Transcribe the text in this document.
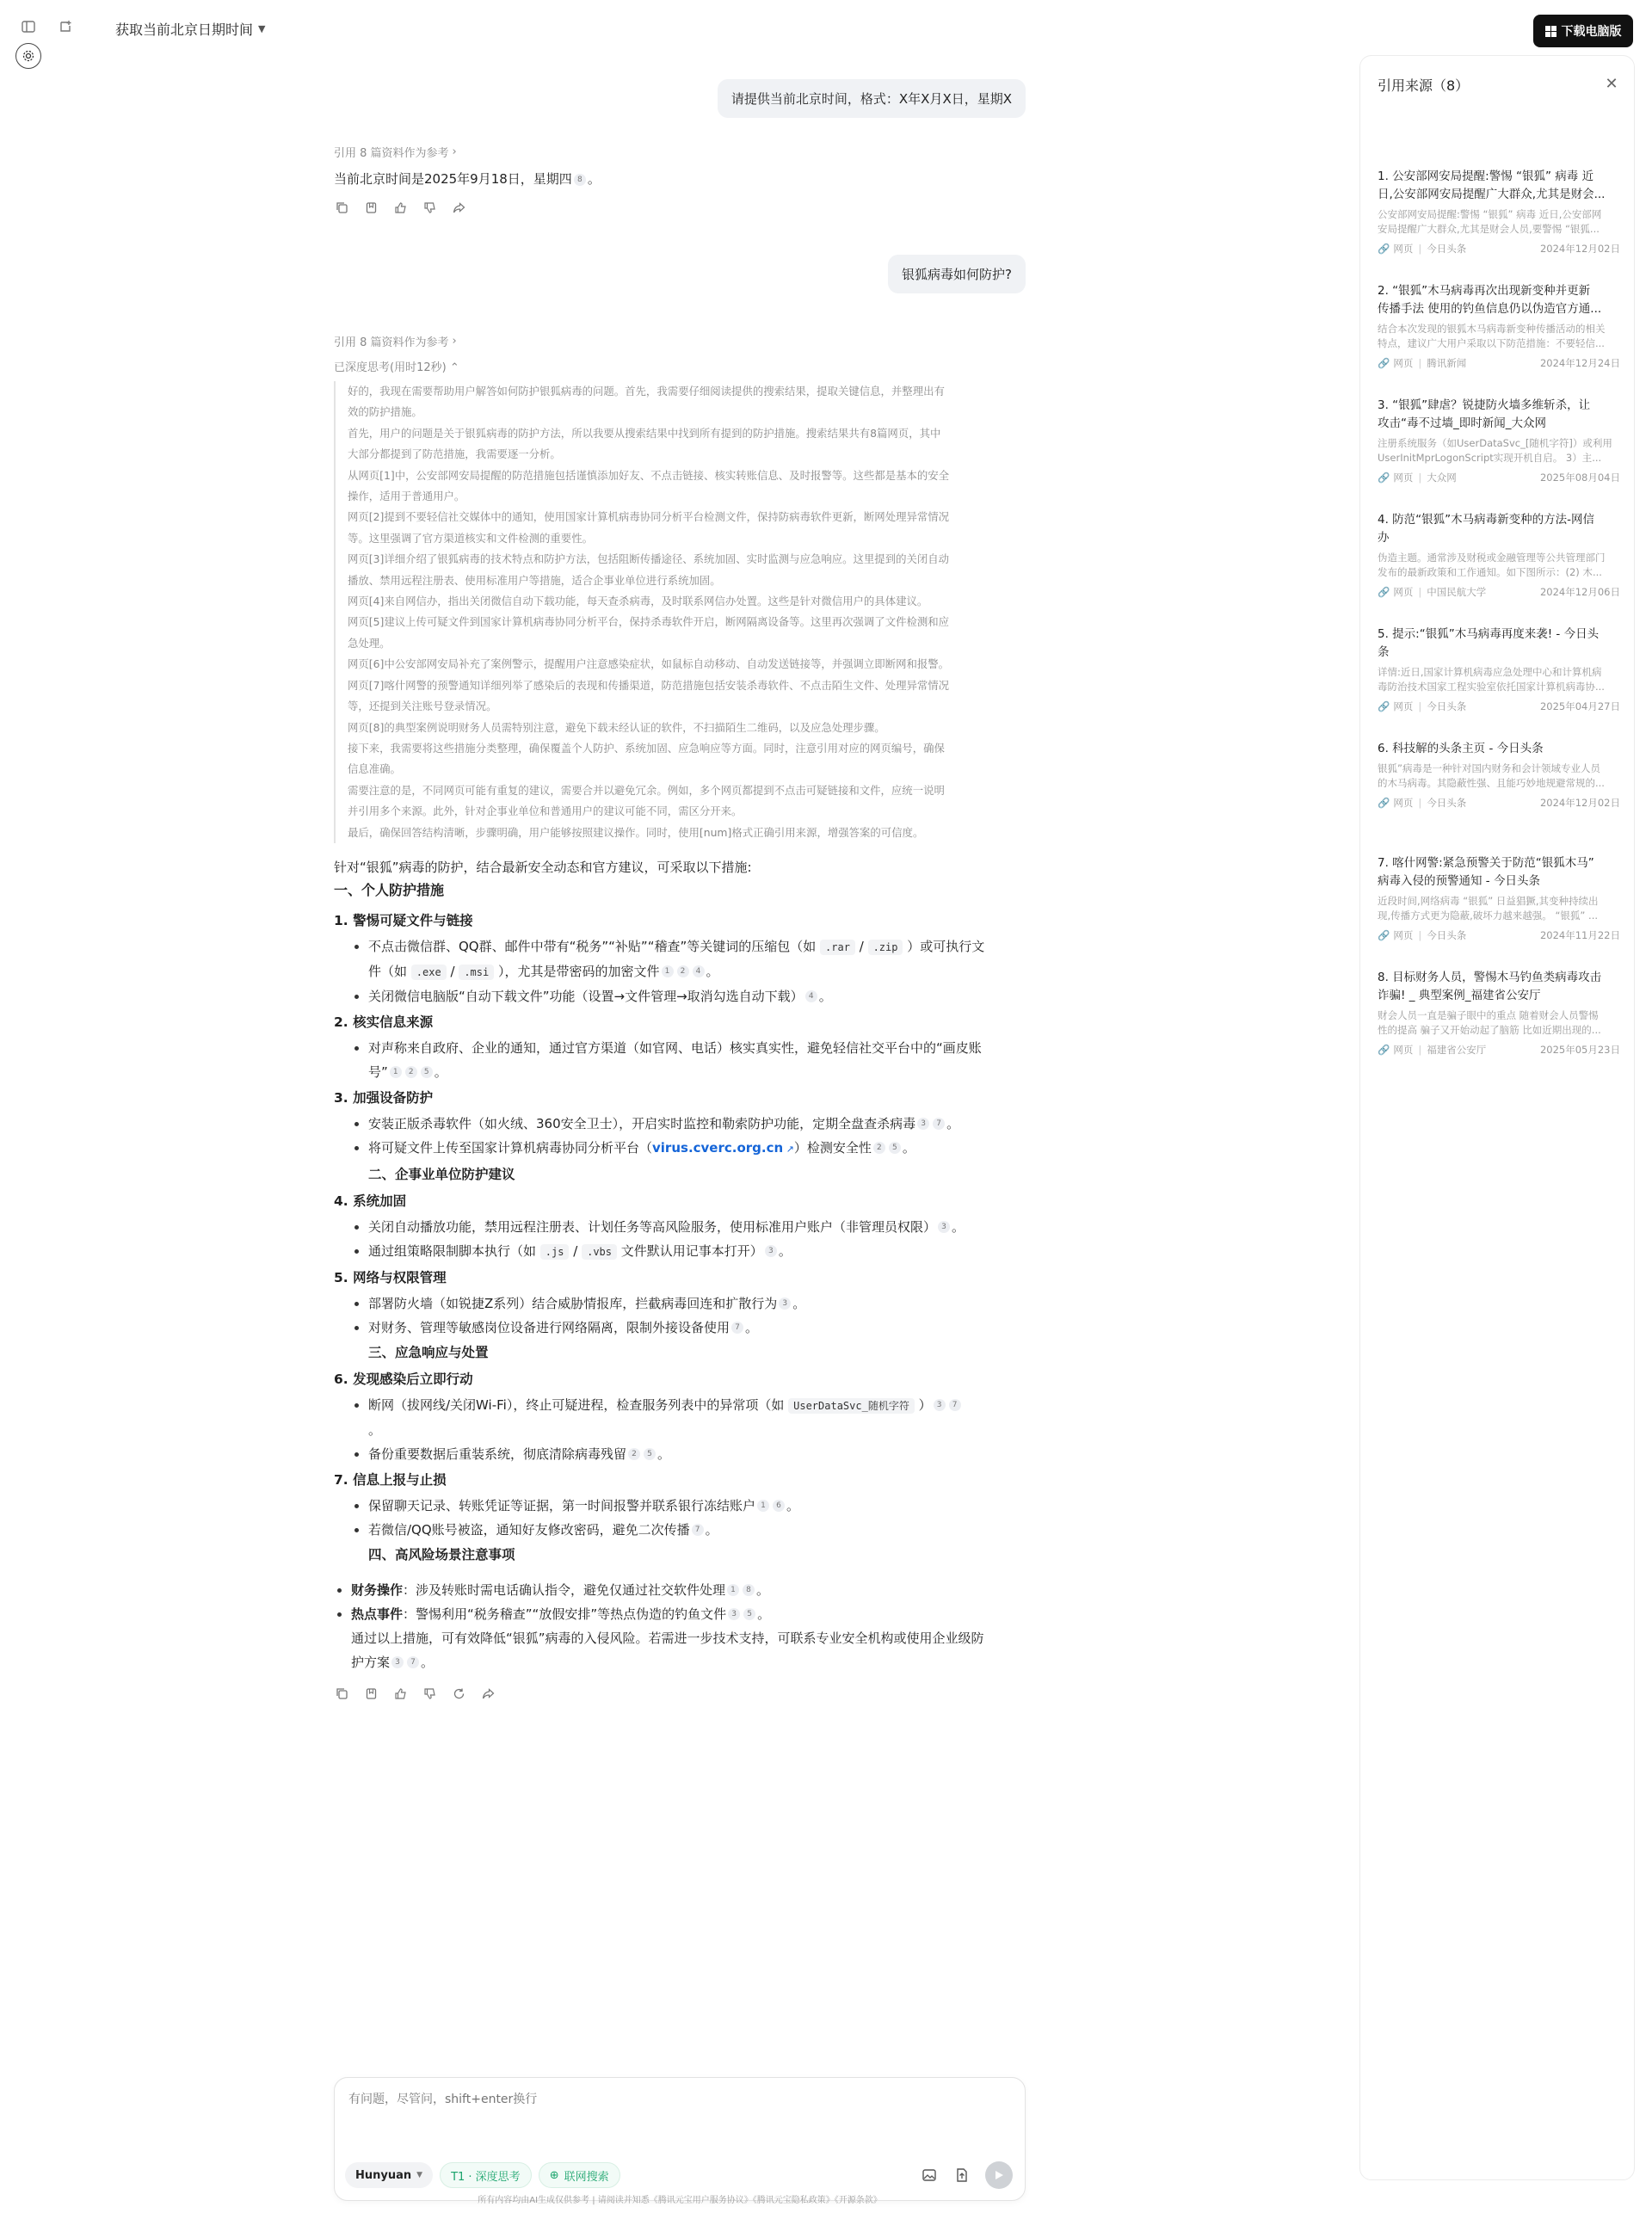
获取当前北京日期时间 ▼	下载电脑版
请提供当前北京时间，格式：X年X月X日，星期X
引用 8 篇资料作为参考 ›
当前北京时间是2025年9月18日，星期四 8 。
银狐病毒如何防护?
引用 8 篇资料作为参考 ›
已深度思考(用时12秒) ⌃
好的，我现在需要帮助用户解答如何防护银狐病毒的问题。首先，我需要仔细阅读提供的搜索结果，提取关键信息，并整理出有
效的防护措施。
首先，用户的问题是关于银狐病毒的防护方法，所以我要从搜索结果中找到所有提到的防护措施。搜索结果共有8篇网页，其中
大部分都提到了防范措施，我需要逐一分析。
从网页[1]中，公安部网安局提醒的防范措施包括谨慎添加好友、不点击链接、核实转账信息、及时报警等。这些都是基本的安全
操作，适用于普通用户。
网页[2]提到不要轻信社交媒体中的通知，使用国家计算机病毒协同分析平台检测文件，保持防病毒软件更新，断网处理异常情况
等。这里强调了官方渠道核实和文件检测的重要性。
网页[3]详细介绍了银狐病毒的技术特点和防护方法，包括阻断传播途径、系统加固、实时监测与应急响应。这里提到的关闭自动
播放、禁用远程注册表、使用标准用户等措施，适合企事业单位进行系统加固。
网页[4]来自网信办，指出关闭微信自动下载功能，每天查杀病毒，及时联系网信办处置。这些是针对微信用户的具体建议。
网页[5]建议上传可疑文件到国家计算机病毒协同分析平台，保持杀毒软件开启，断网隔离设备等。这里再次强调了文件检测和应
急处理。
网页[6]中公安部网安局补充了案例警示，提醒用户注意感染症状，如鼠标自动移动、自动发送链接等，并强调立即断网和报警。
网页[7]喀什网警的预警通知详细列举了感染后的表现和传播渠道，防范措施包括安装杀毒软件、不点击陌生文件、处理异常情况
等，还提到关注账号登录情况。
网页[8]的典型案例说明财务人员需特别注意，避免下载未经认证的软件，不扫描陌生二维码，以及应急处理步骤。
接下来，我需要将这些措施分类整理，确保覆盖个人防护、系统加固、应急响应等方面。同时，注意引用对应的网页编号，确保
信息准确。
需要注意的是，不同网页可能有重复的建议，需要合并以避免冗余。例如，多个网页都提到不点击可疑链接和文件，应统一说明
并引用多个来源。此外，针对企事业单位和普通用户的建议可能不同，需区分开来。
最后，确保回答结构清晰，步骤明确，用户能够按照建议操作。同时，使用[num]格式正确引用来源，增强答案的可信度。
针对“银狐”病毒的防护，结合最新安全动态和官方建议，可采取以下措施:
一、个人防护措施
1. 警惕可疑文件与链接
不点击微信群、QQ群、邮件中带有“税务”“补贴”“稽查”等关键词的压缩包（如 .rar / .zip ）或可执行文
件（如 .exe / .msi ），尤其是带密码的加密文件 1 2 4 。
关闭微信电脑版“自动下载文件”功能（设置→文件管理→取消勾选自动下载） 4 。
2. 核实信息来源
对声称来自政府、企业的通知，通过官方渠道（如官网、电话）核实真实性，避免轻信社交平台中的“画皮账
号” 1 2 5 。
3. 加强设备防护
安装正版杀毒软件（如火绒、360安全卫士），开启实时监控和勒索防护功能，定期全盘查杀病毒 3 7 。
将可疑文件上传至国家计算机病毒协同分析平台（virus.cverc.org.cn ↗）检测安全性 2 5 。
二、企事业单位防护建议
4. 系统加固
关闭自动播放功能，禁用远程注册表、计划任务等高风险服务，使用标准用户账户（非管理员权限） 3 。
通过组策略限制脚本执行（如 .js / .vbs 文件默认用记事本打开） 3 。
5. 网络与权限管理
部署防火墙（如锐捷Z系列）结合威胁情报库，拦截病毒回连和扩散行为 3 。
对财务、管理等敏感岗位设备进行网络隔离，限制外接设备使用 7 。
三、应急响应与处置
6. 发现感染后立即行动
断网（拔网线/关闭Wi-Fi），终止可疑进程，检查服务列表中的异常项（如 UserDataSvc_随机字符 ） 3 7
。
备份重要数据后重装系统，彻底清除病毒残留 2 5 。
7. 信息上报与止损
保留聊天记录、转账凭证等证据，第一时间报警并联系银行冻结账户 1 6 。
若微信/QQ账号被盗，通知好友修改密码，避免二次传播 7 。
四、高风险场景注意事项
财务操作：涉及转账时需电话确认指令，避免仅通过社交软件处理 1 8 。
热点事件：警惕利用“税务稽查”“放假安排”等热点伪造的钓鱼文件 3 5 。
通过以上措施，可有效降低“银狐”病毒的入侵风险。若需进一步技术支持，可联系专业安全机构或使用企业级防
护方案 3 7 。
有问题，尽管问，shift+enter换行
Hunyuan ▼	T1 · 深度思考	⊕ 联网搜索
所有内容均由AI生成仅供参考 | 请阅读并知悉《腾讯元宝用户服务协议》《腾讯元宝隐私政策》《开源条款》
引用来源（8）	✕
1. 公安部网安局提醒:警惕 “银狐” 病毒 近
日,公安部网安局提醒广大群众,尤其是财会...
公安部网安局提醒:警惕 “银狐” 病毒 近日,公安部网
安局提醒广大群众,尤其是财会人员,要警惕 “银狐...
🔗 网页 | 今日头条	2024年12月02日
2. “银狐”木马病毒再次出现新变种并更新
传播手法 使用的钓鱼信息仍以伪造官方通...
结合本次发现的银狐木马病毒新变种传播活动的相关
特点，建议广大用户采取以下防范措施：不要轻信...
🔗 网页 | 腾讯新闻	2024年12月24日
3. “银狐”肆虐？锐捷防火墙多维斩杀，让
攻击“毒不过墙_即时新闻_大众网
注册系统服务（如UserDataSvc_[随机字符]）或利用
UserInitMprLogonScript实现开机自启。 3）主...
🔗 网页 | 大众网	2025年08月04日
4. 防范“银狐”木马病毒新变种的方法-网信
办
伪造主题。通常涉及财税或金融管理等公共管理部门
发布的最新政策和工作通知。如下图所示：(2) 木...
🔗 网页 | 中国民航大学	2024年12月06日
5. 提示:“银狐”木马病毒再度来袭! - 今日头
条
详情:近日,国家计算机病毒应急处理中心和计算机病
毒防治技术国家工程实验室依托国家计算机病毒协...
🔗 网页 | 今日头条	2025年04月27日
6. 科技解的头条主页 - 今日头条
银狐”病毒是一种针对国内财务和会计领域专业人员
的木马病毒。其隐蔽性强、且能巧妙地规避常规的...
🔗 网页 | 今日头条	2024年12月02日
7. 喀什网警:紧急预警关于防范“银狐木马”
病毒入侵的预警通知 - 今日头条
近段时间,网络病毒 “银狐” 日益猖獗,其变种持续出
现,传播方式更为隐蔽,破坏力越来越强。 “银狐” ...
🔗 网页 | 今日头条	2024年11月22日
8. 目标财务人员，警惕木马钓鱼类病毒攻击
诈骗! _ 典型案例_福建省公安厅
财会人员一直是骗子眼中的重点 随着财会人员警惕
性的提高 骗子又开始动起了脑筋 比如近期出现的...
🔗 网页 | 福建省公安厅	2025年05月23日
